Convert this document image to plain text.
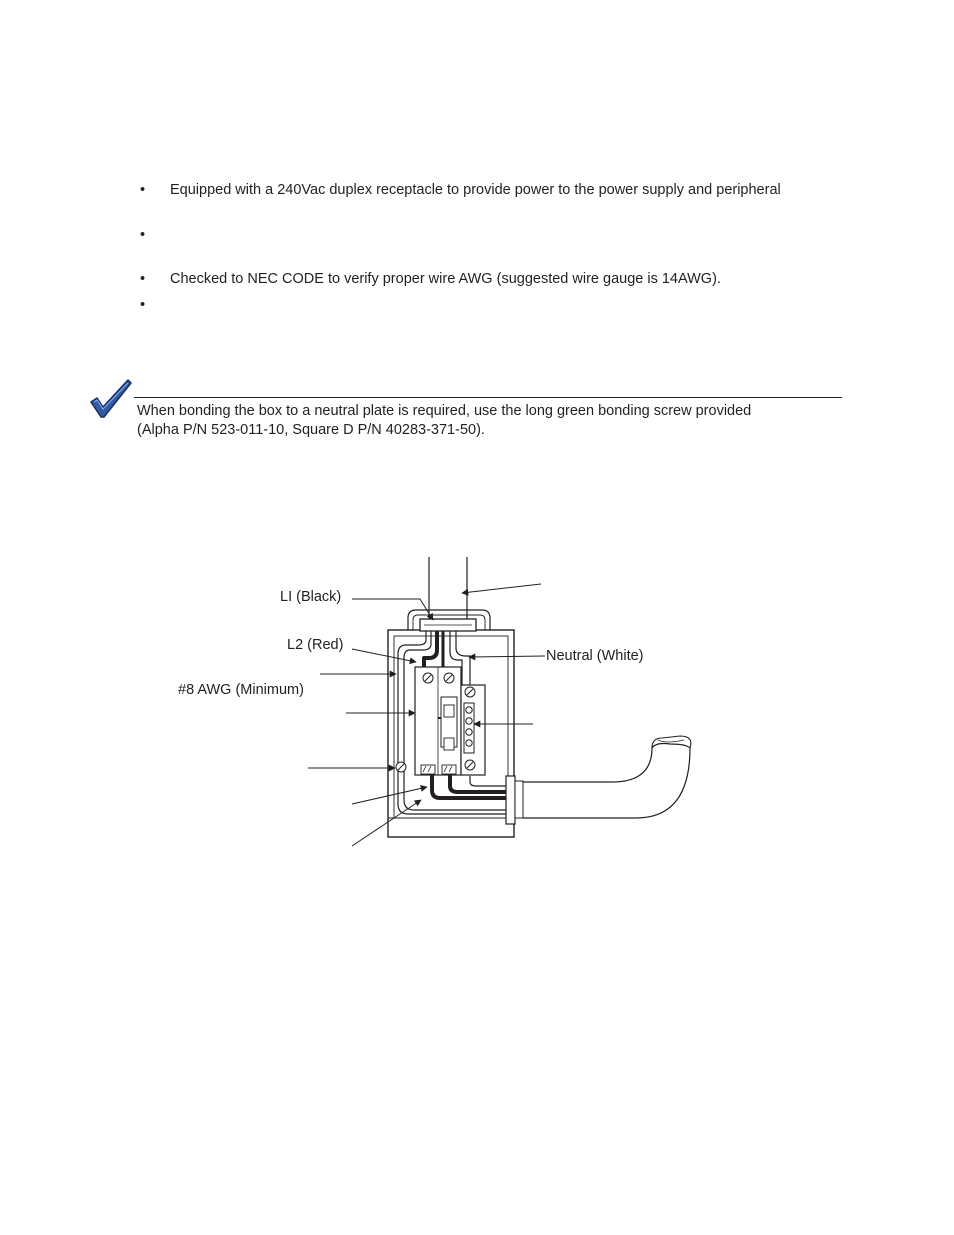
•	Equipped with a 240Vac duplex receptacle to provide power to the power supply and peripheral
•
•	Checked to NEC CODE to verify proper wire AWG (suggested wire gauge is 14AWG).
•
When bonding the box to a neutral plate is required, use the long green bonding screw provided
(Alpha P/N 523-011-10, Square D P/N 40283-371-50).
LI (Black)
L2 (Red)
Neutral (White)
#8 AWG (Minimum)
